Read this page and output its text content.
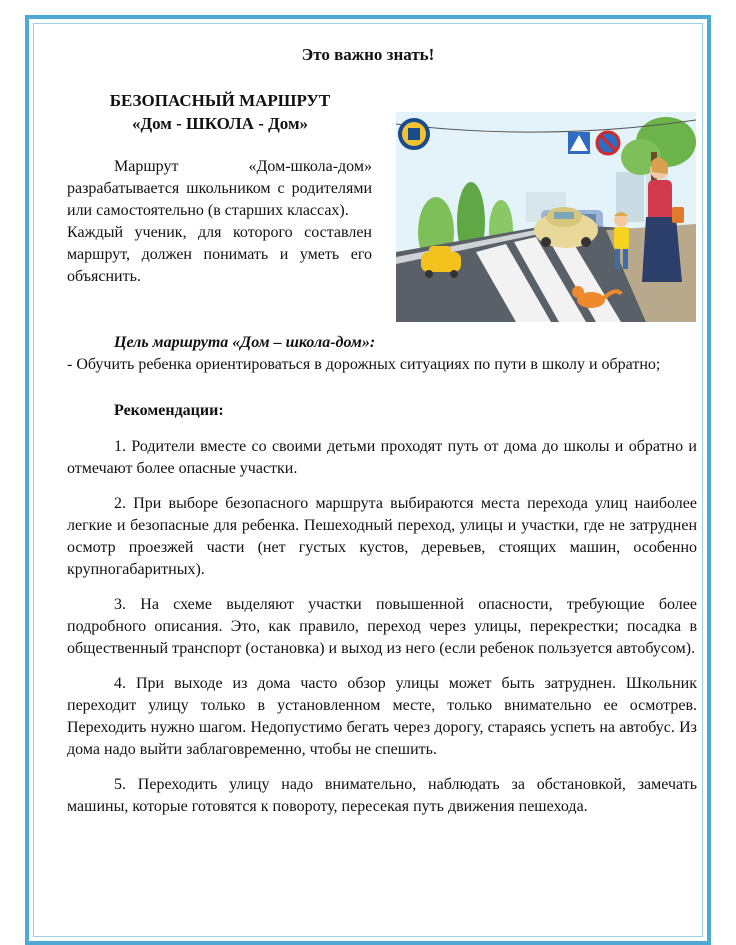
Это важно знать!
БЕЗОПАСНЫЙ МАРШРУТ
«Дом - ШКОЛА - Дом»

Маршрут «Дом-школа-дом» разрабатывается школьником с родителями или самостоятельно (в старших классах).

Каждый ученик, для которого составлен маршрут, должен понимать и уметь его объяснить.

Цель маршрута «Дом – школа-дом»:

- Обучить ребенка ориентироваться в дорожных ситуациях по пути в школу и обратно;

Рекомендации:

1. Родители вместе со своими детьми проходят путь от дома до школы и обратно и отмечают более опасные участки.

2. При выборе безопасного маршрута выбираются места перехода улиц наиболее легкие и безопасные для ребенка. Пешеходный переход, улицы и участки, где не затруднен осмотр проезжей части (нет густых кустов, деревьев, стоящих машин, особенно крупногабаритных).

3. На схеме выделяют участки повышенной опасности, требующие более подробного описания. Это, как правило, переход через улицы, перекрестки; посадка в общественный транспорт (остановка) и выход из него (если ребенок пользуется автобусом).

4. При выходе из дома часто обзор улицы может быть затруднен. Школьник переходит улицу только в установленном месте, только внимательно ее осмотрев. Переходить нужно шагом. Недопустимо бегать через дорогу, стараясь успеть на автобус. Из дома надо выйти заблаговременно, чтобы не спешить.

5. Переходить улицу надо внимательно, наблюдать за обстановкой, замечать машины, которые готовятся к повороту, пересекая путь движения пешехода.
